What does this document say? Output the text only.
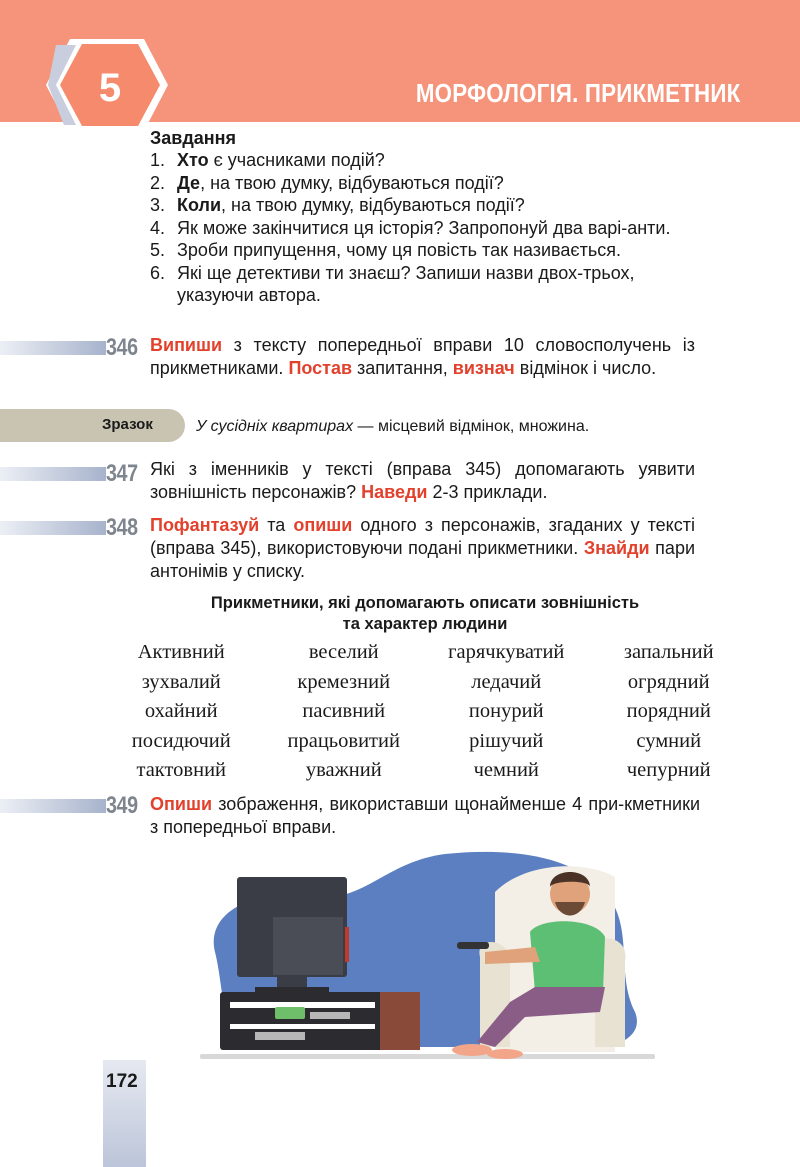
5	МОРФОЛОГІЯ. ПРИКМЕТНИК
Завдання
1. Хто є учасниками подій?
2. Де, на твою думку, відбуваються події?
3. Коли, на твою думку, відбуваються події?
4. Як може закінчитися ця історія? Запропонуй два варі-анти.
5. Зроби припущення, чому ця повість так називається.
6. Які ще детективи ти знаєш? Запиши назви двох-трьох, указуючи автора.
346 Випиши з тексту попередньої вправи 10 словосполучень із прикметниками. Постав запитання, визнач відмінок і число.
Зразок	У сусідніх квартирах — місцевий відмінок, множина.
347 Які з іменників у тексті (вправа 345) допомагають уявити зовнішність персонажів? Наведи 2-3 приклади.
348 Пофантазуй та опиши одного з персонажів, згаданих у тексті (вправа 345), використовуючи подані прикметники. Знайди пари антонімів у списку.
Прикметники, які допомагають описати зовнішність
та характер людини
Активний	веселий	гарячкуватий	запальний
зухвалий	кремезний	ледачий	огрядний
охайний	пасивний	понурий	порядний
посидючий	працьовитий	рішучий	сумний
тактовний	уважний	чемний	чепурний
349 Опиши зображення, використавши щонайменше 4 при-кметники з попередньої вправи.
172
